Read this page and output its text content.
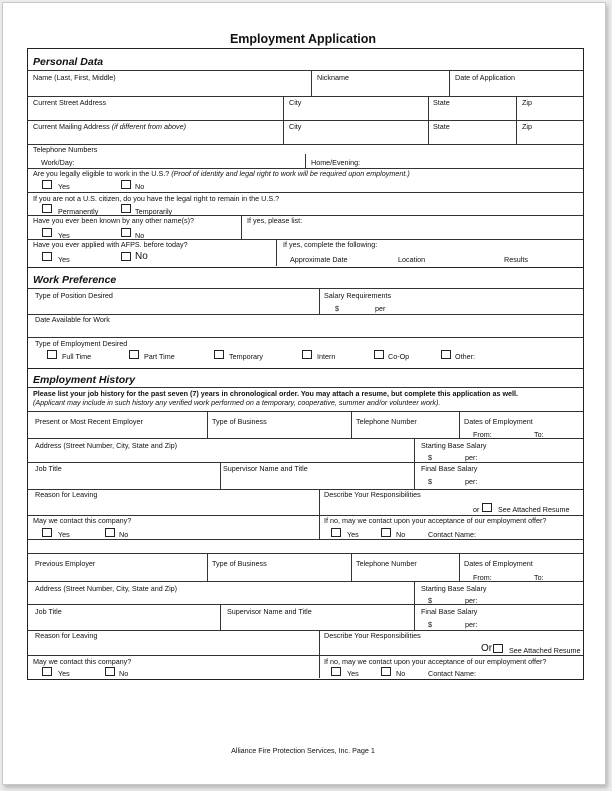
Employment Application
Personal Data
Name (Last, First, Middle)	Nickname	Date of Application
Current Street Address	City	State	Zip
Current Mailing Address (if different from above)	City	State	Zip
Telephone Numbers
Work/Day:	Home/Evening:
Are you legally eligible to work in the U.S.? (Proof of identity and legal right to work will be required upon employment.)
Yes	No
If you are not a U.S. citizen, do you have the legal right to remain in the U.S.?
Permanently	Temporarily
Have you ever been known by any other name(s)?	If yes, please list:
Yes	No
Have you ever applied with AFPS. before today?	If yes, complete the following:
Yes	No	Approximate Date	Location	Results
Work Preference
Type of Position Desired	Salary Requirements
$	per
Date Available for Work
Type of Employment Desired
Full Time	Part Time	Temporary	Intern	Co-Op	Other:
Employment History
Please list your job history for the past seven (7) years in chronological order. You may attach a resume, but complete this application as well.
(Applicant may include in such history any verified work performed on a temporary, cooperative, summer and/or volunteer work).
Present or Most Recent Employer	Type of Business	Telephone Number	Dates of Employment
From:	To:
Address (Street Number, City, State and Zip)	Starting Base Salary
$	per:
Job Title	Supervisor Name and Title	Final Base Salary
$	per:
Reason for Leaving	Describe Your Responsibilities
or	See Attached Resume
May we contact this company?	If no, may we contact upon your acceptance of our employment offer?
Yes	No	Yes	No	Contact Name:
Previous Employer	Type of Business	Telephone Number	Dates of Employment
From:	To:
Address (Street Number, City, State and Zip)	Starting Base Salary
$	per:
Job Title	Supervisor Name and Title	Final Base Salary
$	per:
Reason for Leaving	Describe Your Responsibilities
Or See Attached Resume
May we contact this company?	If no, may we contact upon your acceptance of our employment offer?
Yes	No	Yes	No	Contact Name:
Alliance Fire Protection Services, Inc. Page 1
